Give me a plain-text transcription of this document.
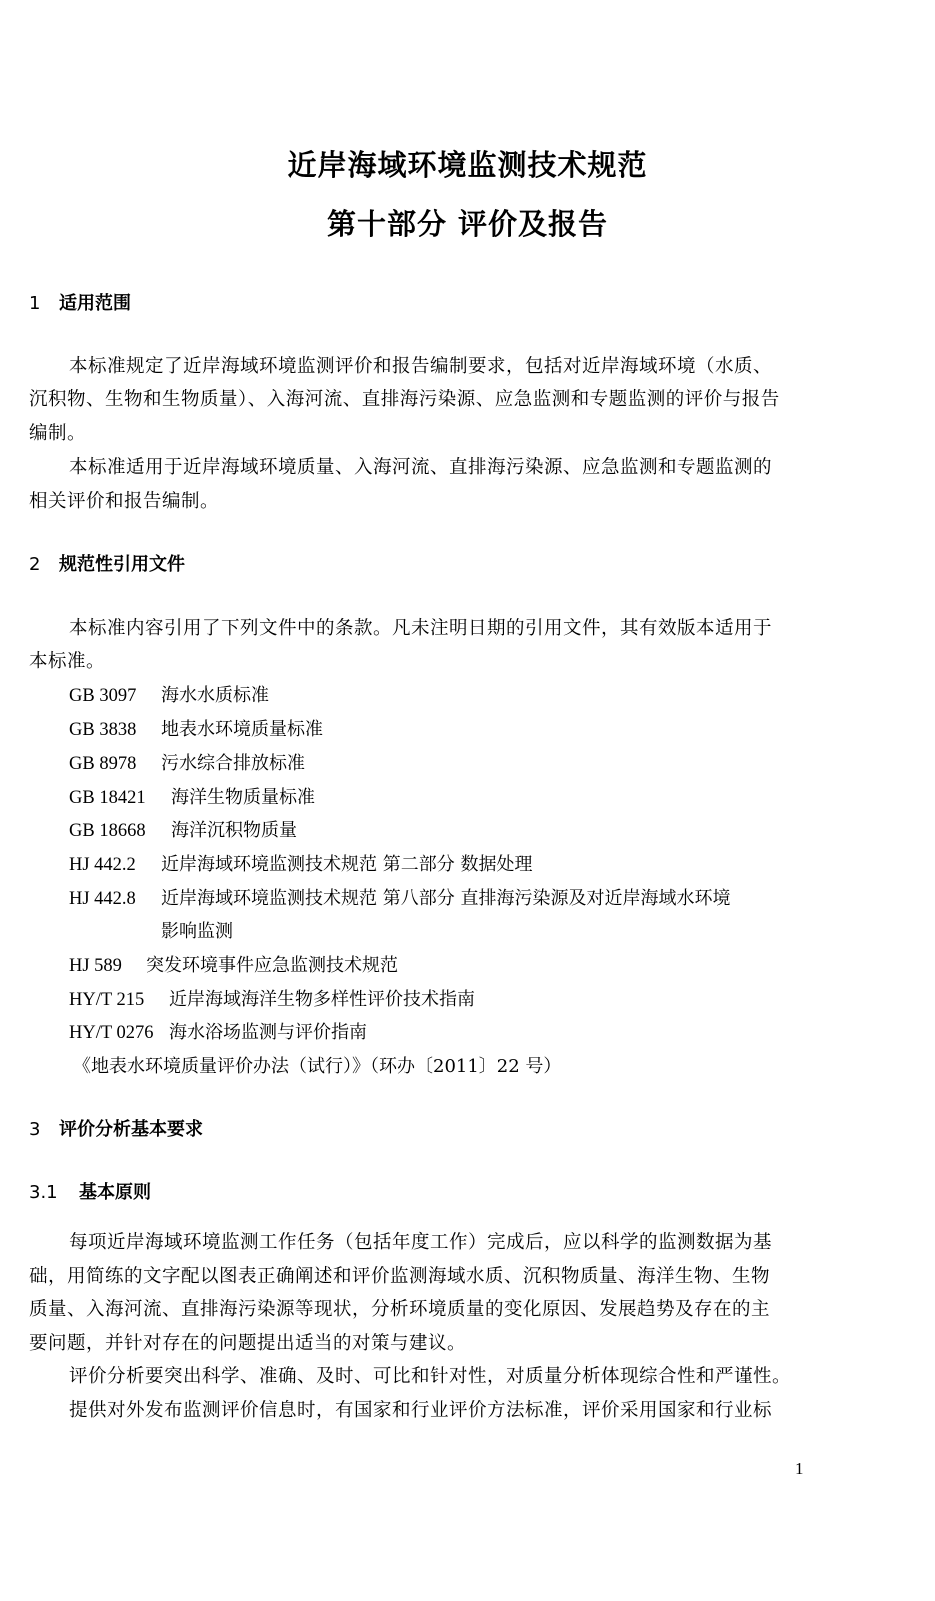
近岸海域环境监测技术规范
第十部分 评价及报告
1 适用范围
本标准规定了近岸海域环境监测评价和报告编制要求，包括对近岸海域环境（水质、
沉积物、生物和生物质量）、入海河流、直排海污染源、应急监测和专题监测的评价与报告
编制。
本标准适用于近岸海域环境质量、入海河流、直排海污染源、应急监测和专题监测的
相关评价和报告编制。
2 规范性引用文件
本标准内容引用了下列文件中的条款。凡未注明日期的引用文件，其有效版本适用于
本标准。
GB 3097 海水水质标准
GB 3838 地表水环境质量标准
GB 8978 污水综合排放标准
GB 18421 海洋生物质量标准
GB 18668 海洋沉积物质量
HJ 442.2 近岸海域环境监测技术规范 第二部分 数据处理
HJ 442.8 近岸海域环境监测技术规范 第八部分 直排海污染源及对近岸海域水环境
影响监测
HJ 589 突发环境事件应急监测技术规范
HY/T 215 近岸海域海洋生物多样性评价技术指南
HY/T 0276 海水浴场监测与评价指南
《地表水环境质量评价办法（试行）》（环办〔2011〕22 号）
3 评价分析基本要求
3.1 基本原则
每项近岸海域环境监测工作任务（包括年度工作）完成后，应以科学的监测数据为基
础，用简练的文字配以图表正确阐述和评价监测海域水质、沉积物质量、海洋生物、生物
质量、入海河流、直排海污染源等现状，分析环境质量的变化原因、发展趋势及存在的主
要问题，并针对存在的问题提出适当的对策与建议。
评价分析要突出科学、准确、及时、可比和针对性，对质量分析体现综合性和严谨性。
提供对外发布监测评价信息时，有国家和行业评价方法标准，评价采用国家和行业标
1
